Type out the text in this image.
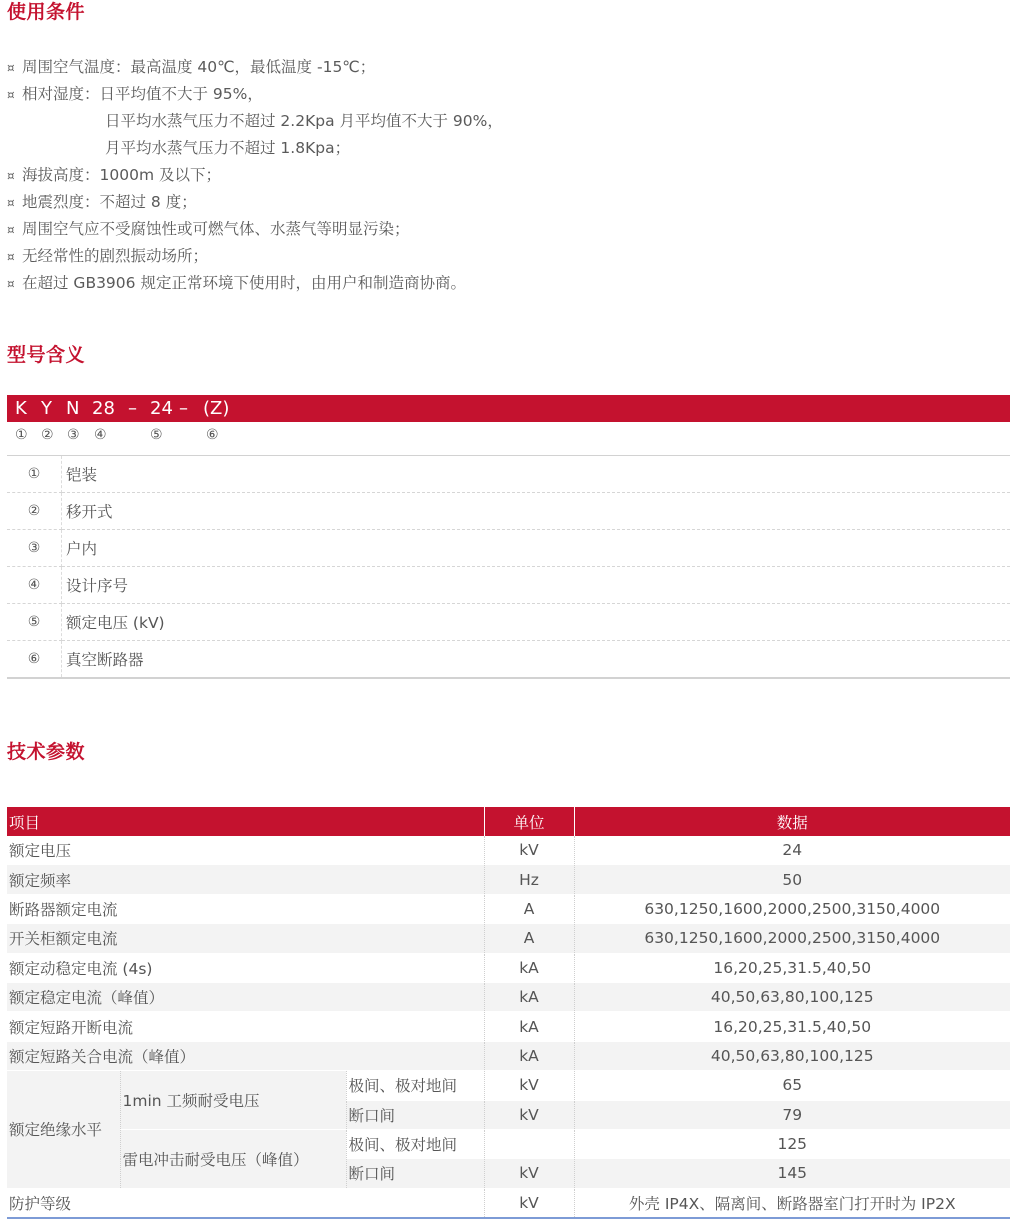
使用条件
¤ 周围空气温度：最高温度 40℃，最低温度 -15℃；
¤ 相对湿度：日平均值不大于 95%，
日平均水蒸气压力不超过 2.2Kpa 月平均值不大于 90%，
月平均水蒸气压力不超过 1.8Kpa；
¤ 海拔高度：1000m 及以下；
¤ 地震烈度：不超过 8 度；
¤ 周围空气应不受腐蚀性或可燃气体、水蒸气等明显污染；
¤ 无经常性的剧烈振动场所；
¤ 在超过 GB3906 规定正常环境下使用时，由用户和制造商协商。
型号含义
K Y N 28 – 24 – (Z)
① ② ③ ④	⑤	⑥
①	铠装
②	移开式
③	户内
④	设计序号
⑤	额定电压 (kV)
⑥	真空断路器
技术参数
项目			单位	数据
额定电压			kV	24
额定频率			Hz	50
断路器额定电流			A	630,1250,1600,2000,2500,3150,4000
开关柜额定电流			A	630,1250,1600,2000,2500,3150,4000
额定动稳定电流 (4s)			kA	16,20,25,31.5,40,50
额定稳定电流（峰值）			kA	40,50,63,80,100,125
额定短路开断电流			kA	16,20,25,31.5,40,50
额定短路关合电流（峰值）			kA	40,50,63,80,100,125
额定绝缘水平	1min 工频耐受电压	极间、极对地间	kV	65
		断口间	kV	79
	雷电冲击耐受电压（峰值）	极间、极对地间		125
		断口间	kV	145
防护等级			kV	外壳 IP4X、隔离间、断路器室门打开时为 IP2X
